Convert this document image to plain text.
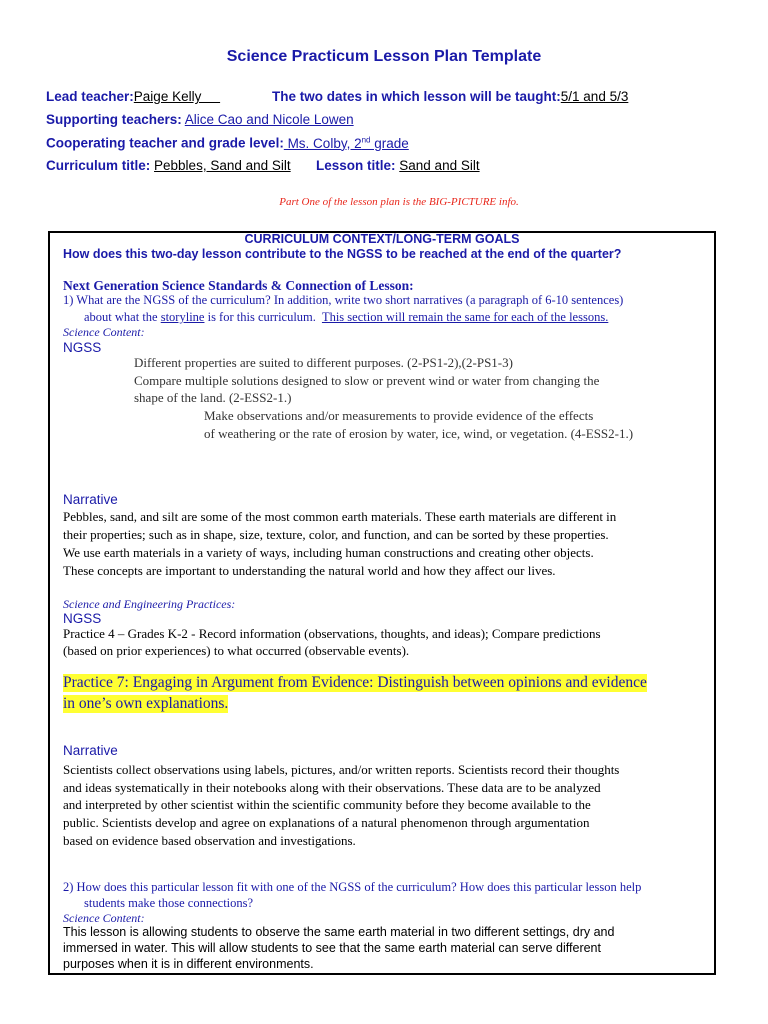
Science Practicum Lesson Plan Template
Lead teacher:Paige Kelly	The two dates in which lesson will be taught:5/1 and 5/3
Supporting teachers: Alice Cao and Nicole Lowen
Cooperating teacher and grade level: Ms. Colby, 2nd grade
Curriculum title: Pebbles, Sand and Silt Lesson title: Sand and Silt
Part One of the lesson plan is the BIG-PICTURE info.
CURRICULUM CONTEXT/LONG-TERM GOALS
How does this two-day lesson contribute to the NGSS to be reached at the end of the quarter?
Next Generation Science Standards & Connection of Lesson:
1) What are the NGSS of the curriculum? In addition, write two short narratives (a paragraph of 6-10 sentences)
about what the storyline is for this curriculum.  This section will remain the same for each of the lessons.
Science Content:
NGSS
Different properties are suited to different purposes. (2-PS1-2),(2-PS1-3)
Compare multiple solutions designed to slow or prevent wind or water from changing the
shape of the land. (2-ESS2-1.)
Make observations and/or measurements to provide evidence of the effects
of weathering or the rate of erosion by water, ice, wind, or vegetation. (4-ESS2-1.)
Narrative
Pebbles, sand, and silt are some of the most common earth materials. These earth materials are different in
their properties; such as in shape, size, texture, color, and function, and can be sorted by these properties.
We use earth materials in a variety of ways, including human constructions and creating other objects.
These concepts are important to understanding the natural world and how they affect our lives.
Science and Engineering Practices:
NGSS
Practice 4 – Grades K-2 - Record information (observations, thoughts, and ideas); Compare predictions
(based on prior experiences) to what occurred (observable events).
Practice 7: Engaging in Argument from Evidence: Distinguish between opinions and evidence
in one’s own explanations.
Narrative
Scientists collect observations using labels, pictures, and/or written reports. Scientists record their thoughts
and ideas systematically in their notebooks along with their observations. These data are to be analyzed
and interpreted by other scientist within the scientific community before they become available to the
public. Scientists develop and agree on explanations of a natural phenomenon through argumentation
based on evidence based observation and investigations.
2) How does this particular lesson fit with one of the NGSS of the curriculum? How does this particular lesson help
students make those connections?
Science Content:
This lesson is allowing students to observe the same earth material in two different settings, dry and
immersed in water. This will allow students to see that the same earth material can serve different
purposes when it is in different environments.
